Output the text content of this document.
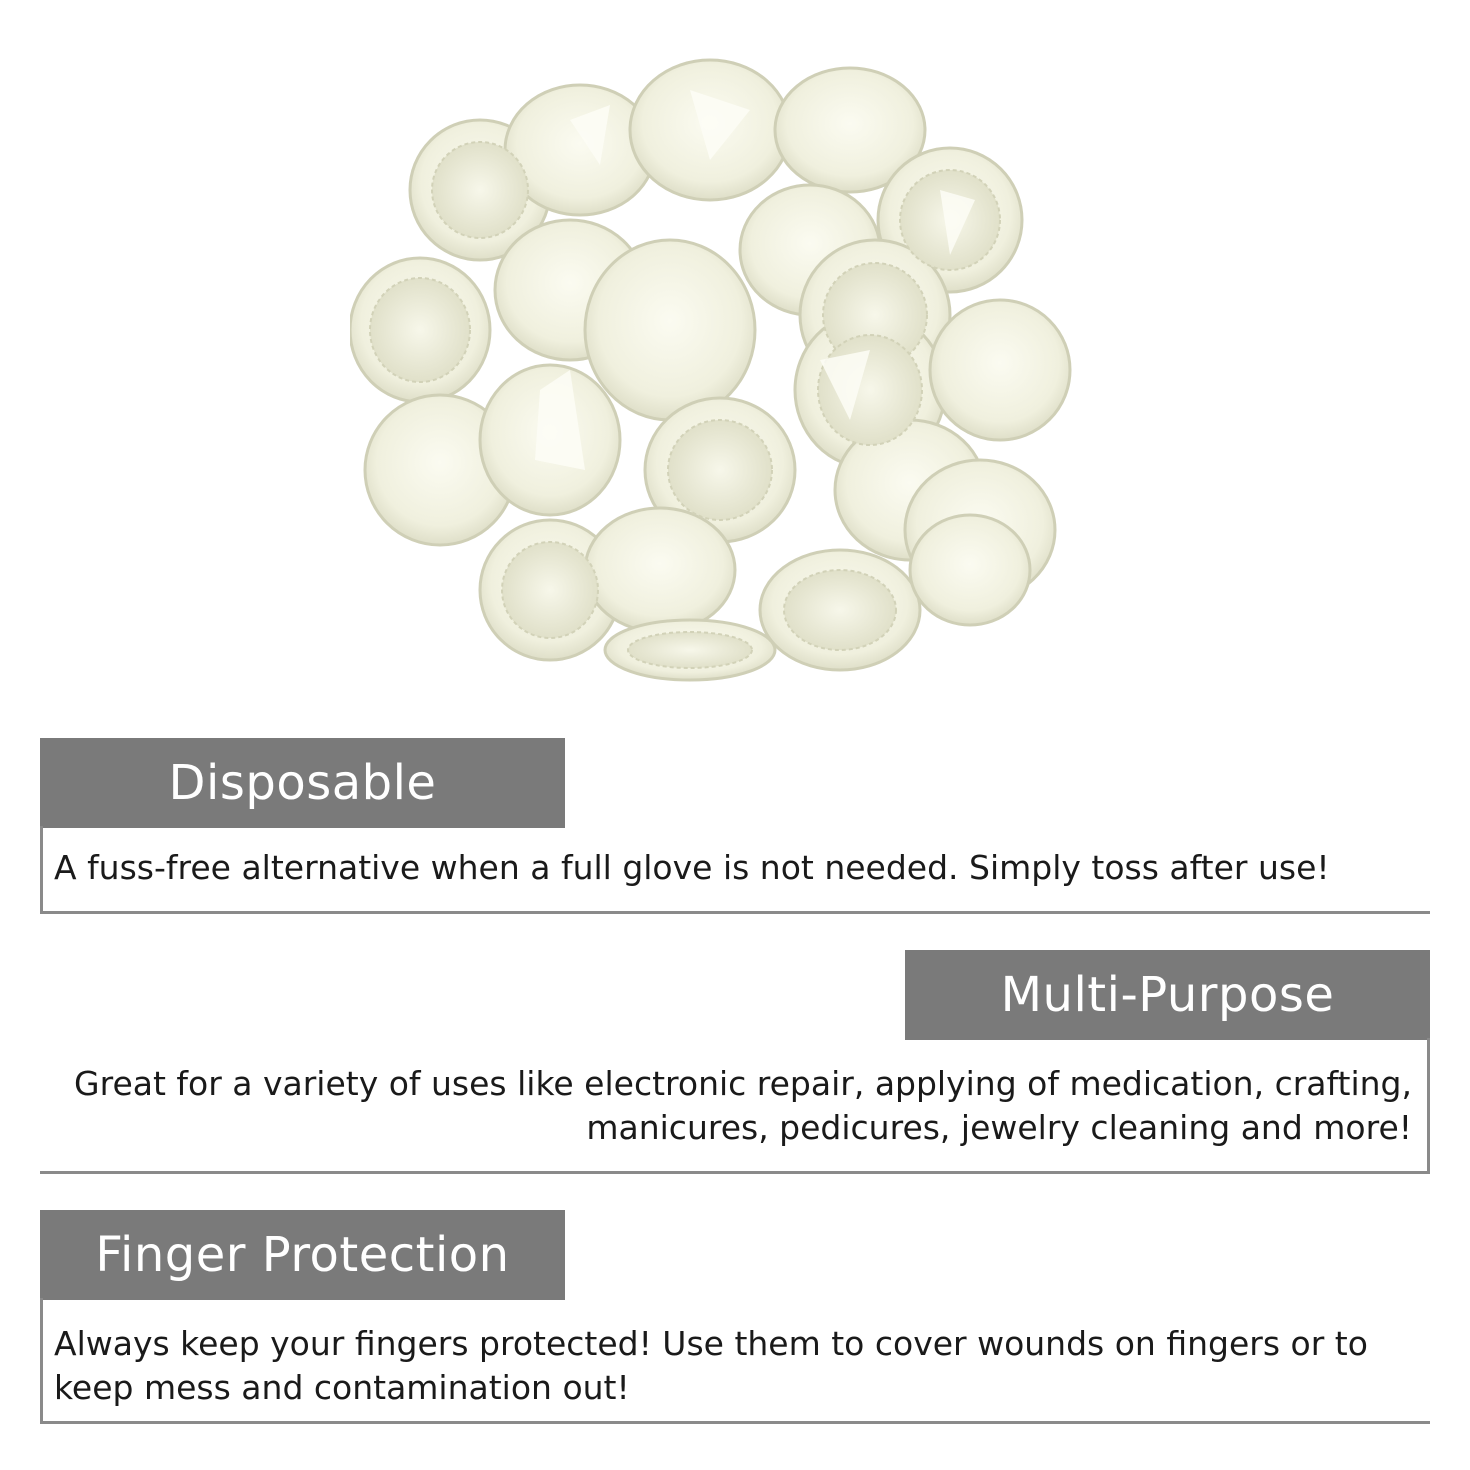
Disposable
A fuss-free alternative when a full glove is not needed. Simply toss after use!
Multi-Purpose
Great for a variety of uses like electronic repair, applying of medication, crafting, manicures, pedicures, jewelry cleaning and more!
Finger Protection
Always keep your fingers protected! Use them to cover wounds on fingers or to keep mess and contamination out!
